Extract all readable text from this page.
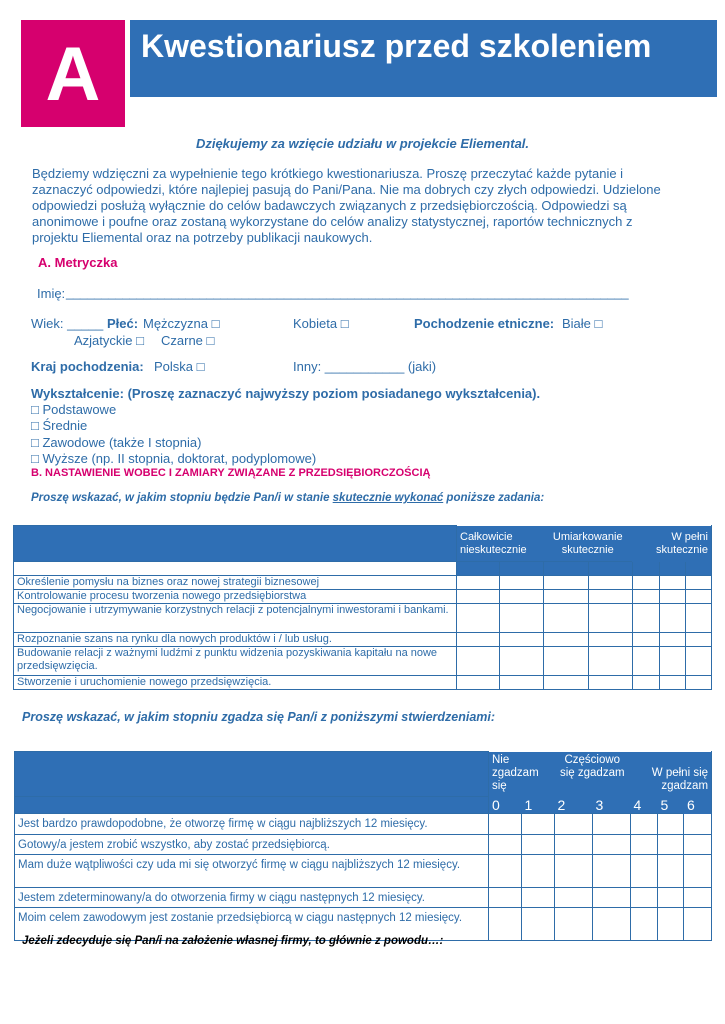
A	Kwestionariusz przed szkoleniem
Dziękujemy za wzięcie udziału w projekcie Eliemental.
Będziemy wdzięczni za wypełnienie tego krótkiego kwestionariusza. Proszę przeczytać każde pytanie i zaznaczyć odpowiedzi, które najlepiej pasują do Pani/Pana. Nie ma dobrych czy złych odpowiedzi. Udzielone odpowiedzi posłużą wyłącznie do celów badawczych związanych z przedsiębiorczością. Odpowiedzi są anonimowe i poufne oraz zostaną wykorzystane do celów analizy statystycznej, raportów technicznych z projektu Eliemental oraz na potrzeby publikacji naukowych.
A. Metryczka
Imię: ________________________________________________________________________________
Wiek: _____ Płeć: Mężczyzna □	Kobieta □	Pochodzenie etniczne: Białe □
Azjatyckie □ Czarne □
Kraj pochodzenia: Polska □	Inny: ___________ (jaki)
Wykształcenie: (Proszę zaznaczyć najwyższy poziom posiadanego wykształcenia).
□ Podstawowe
□ Średnie
□ Zawodowe (także I stopnia)
□ Wyższe (np. II stopnia, doktorat, podyplomowe)
B. NASTAWIENIE WOBEC I ZAMIARY ZWIĄZANE Z PRZEDSIĘBIORCZOŚCIĄ
Proszę wskazać, w jakim stopniu będzie Pan/i w stanie skutecznie wykonać poniższe zadania:
	Całkowicie nieskutecznie		Umiarkowanie skutecznie		W pełni skutecznie		

Określenie pomysłu na biznes oraz nowej strategii biznesowej							
Kontrolowanie procesu tworzenia nowego przedsiębiorstwa							
Negocjowanie i utrzymywanie korzystnych relacji z potencjalnymi inwestorami i bankami.							
Rozpoznanie szans na rynku dla nowych produktów i / lub usług.							
Budowanie relacji z ważnymi ludźmi z punktu widzenia pozyskiwania kapitału na nowe przedsięwzięcia.							
Stworzenie i uruchomienie nowego przedsięwzięcia.							
Proszę wskazać, w jakim stopniu zgadza się Pan/i z poniższymi stwierdzeniami:
	Nie zgadzam się		Częściowo się zgadzam		W pełni się zgadzam		
	0	1	2	3	4	5	6
Jest bardzo prawdopodobne, że otworzę firmę w ciągu najbliższych 12 miesięcy.							
Gotowy/a jestem zrobić wszystko, aby zostać przedsiębiorcą.							
Mam duże wątpliwości czy uda mi się otworzyć firmę w ciągu najbliższych 12 miesięcy.							
Jestem zdeterminowany/a do otworzenia firmy w ciągu następnych 12 miesięcy.							
Moim celem zawodowym jest zostanie przedsiębiorcą w ciągu następnych 12 miesięcy.							
Jeżeli zdecyduje się Pan/i na założenie własnej firmy, to głównie z powodu…:
